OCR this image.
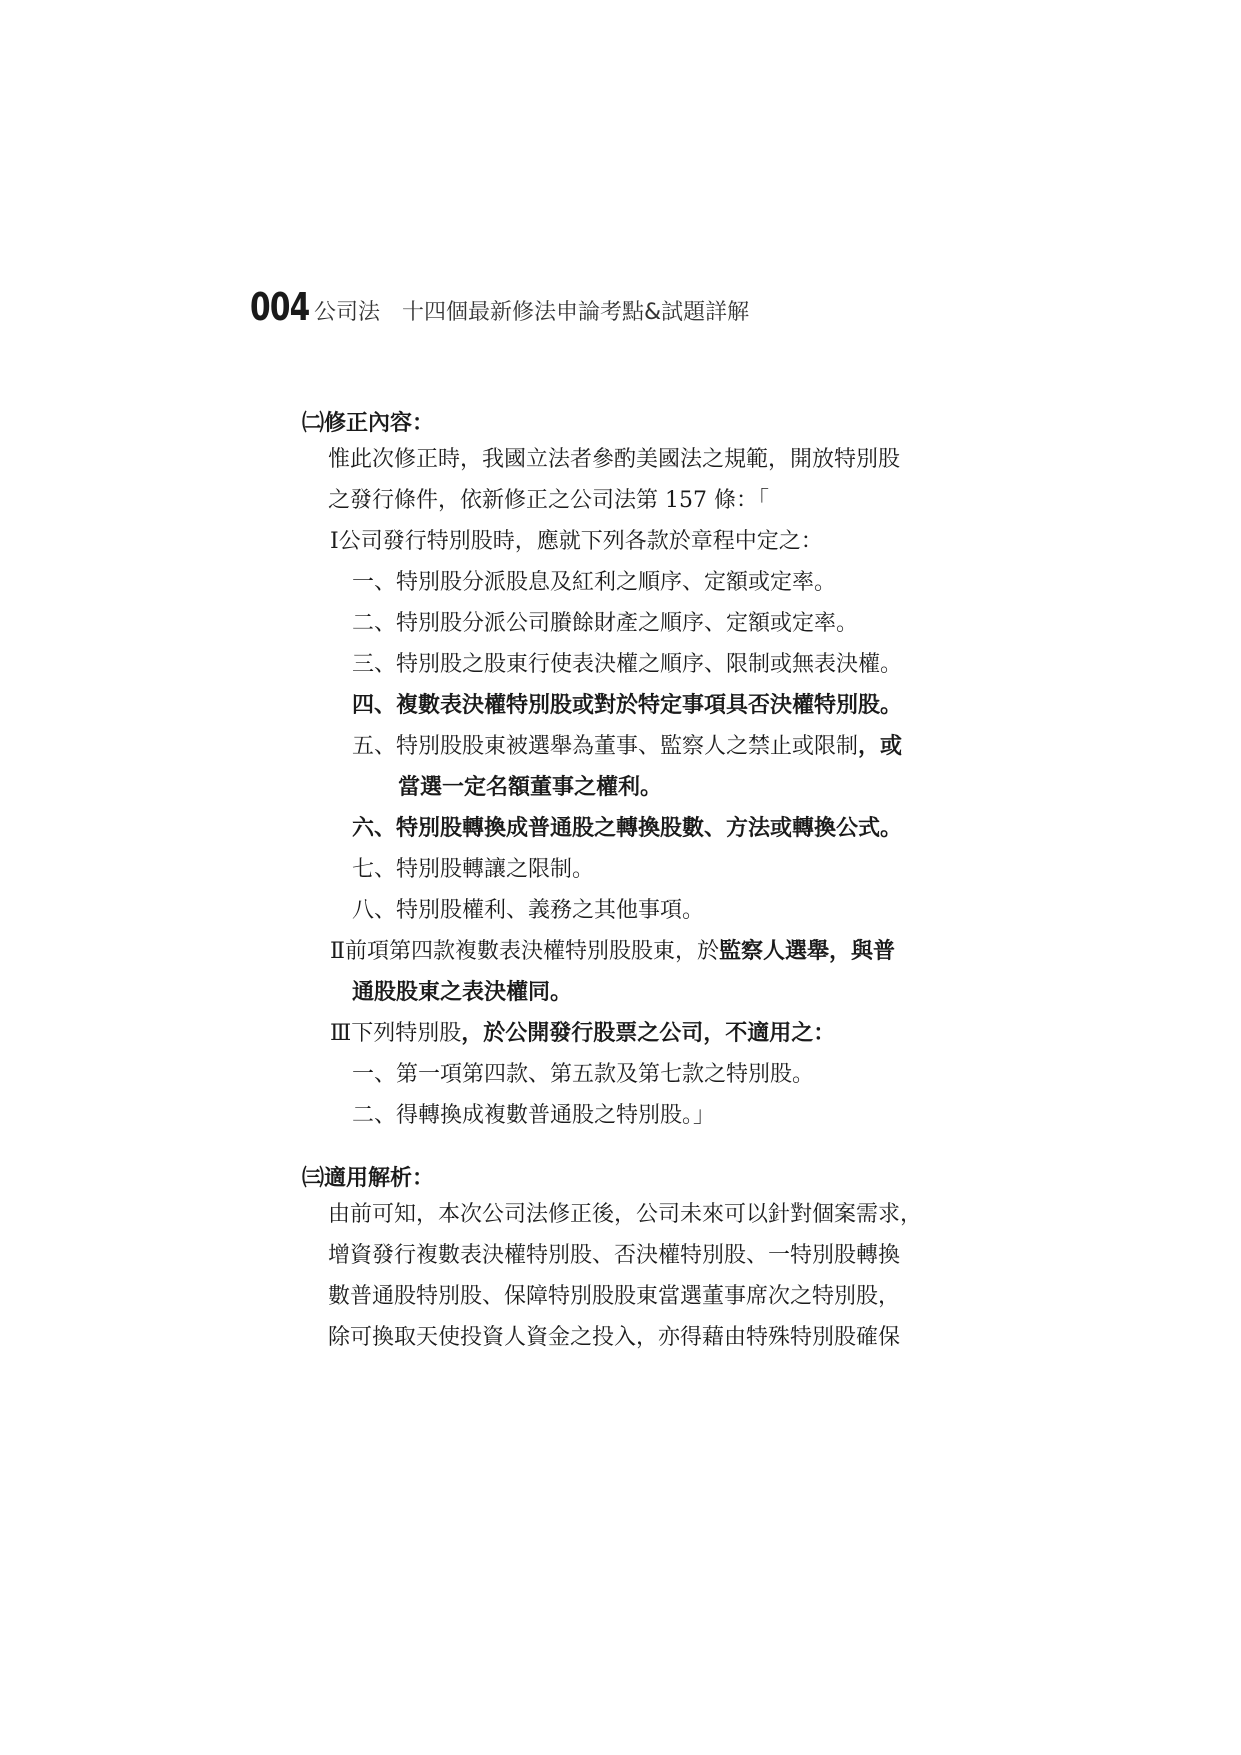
004 公司法　十四個最新修法申論考點&試題詳解
㈡修正內容：
惟此次修正時，我國立法者參酌美國法之規範，開放特別股
之發行條件，依新修正之公司法第 157 條：「
Ⅰ公司發行特別股時，應就下列各款於章程中定之：
一、特別股分派股息及紅利之順序、定額或定率。
二、特別股分派公司賸餘財產之順序、定額或定率。
三、特別股之股東行使表決權之順序、限制或無表決權。
四、複數表決權特別股或對於特定事項具否決權特別股。
五、特別股股東被選舉為董事、監察人之禁止或限制，或
當選一定名額董事之權利。
六、特別股轉換成普通股之轉換股數、方法或轉換公式。
七、特別股轉讓之限制。
八、特別股權利、義務之其他事項。
Ⅱ前項第四款複數表決權特別股股東，於監察人選舉，與普
通股股東之表決權同。
Ⅲ下列特別股，於公開發行股票之公司，不適用之：
一、第一項第四款、第五款及第七款之特別股。
二、得轉換成複數普通股之特別股。」
㈢適用解析：
由前可知，本次公司法修正後，公司未來可以針對個案需求，
增資發行複數表決權特別股、否決權特別股、一特別股轉換
數普通股特別股、保障特別股股東當選董事席次之特別股，
除可換取天使投資人資金之投入，亦得藉由特殊特別股確保
